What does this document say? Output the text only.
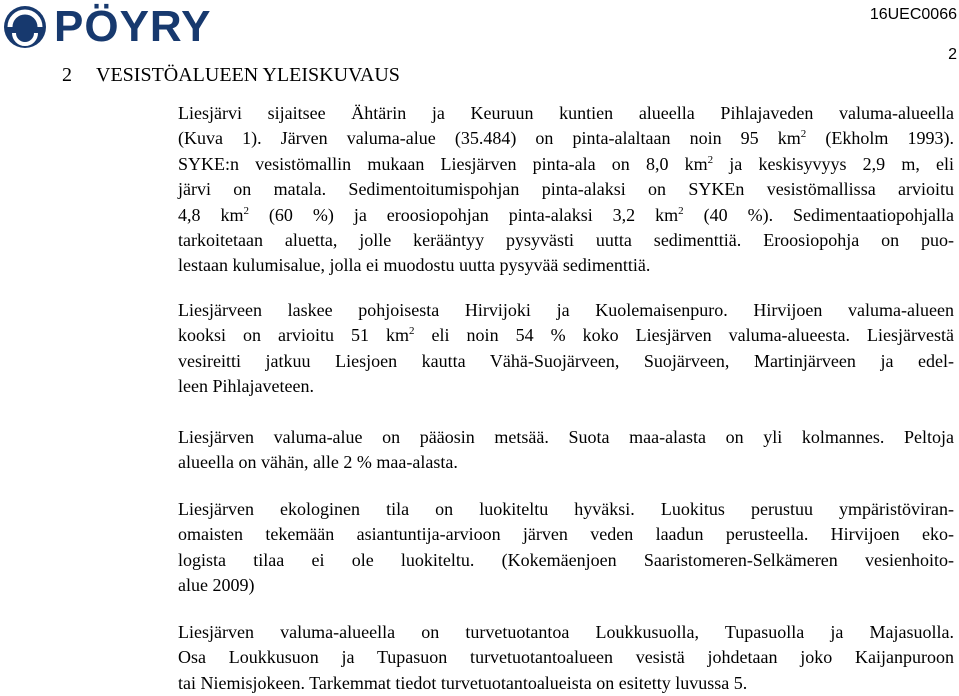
PÖYRY	16UEC0066
2
2	VESISTÖALUEEN YLEISKUVAUS
Liesjärvi sijaitsee Ähtärin ja Keuruun kuntien alueella Pihlajaveden valuma-alueella
(Kuva 1). Järven valuma-alue (35.484) on pinta-alaltaan noin 95 $km^2$ (Ekholm 1993).
SYKE:n vesistömallin mukaan Liesjärven pinta-ala on 8,0 $km^2$ ja keskisyvyys 2,9 m, eli
järvi on matala. Sedimentoitumispohjan pinta-alaksi on SYKEn vesistömallissa arvioitu
4,8 $km^2$ (60 %) ja eroosiopohjan pinta-alaksi 3,2 $km^2$ (40 %). Sedimentaatiopohjalla
tarkoitetaan aluetta, jolle kerääntyy pysyvästi uutta sedimenttiä. Eroosiopohja on puo-
lestaan kulumisalue, jolla ei muodostu uutta pysyvää sedimenttiä.
Liesjärveen laskee pohjoisesta Hirvijoki ja Kuolemaisenpuro. Hirvijoen valuma-alueen
kooksi on arvioitu 51 $km^2$ eli noin 54 % koko Liesjärven valuma-alueesta. Liesjärvestä
vesireitti jatkuu Liesjoen kautta Vähä-Suojärveen, Suojärveen, Martinjärveen ja edel-
leen Pihlajaveteen.
Liesjärven valuma-alue on pääosin metsää. Suota maa-alasta on yli kolmannes. Peltoja
alueella on vähän, alle 2 % maa-alasta.
Liesjärven ekologinen tila on luokiteltu hyväksi. Luokitus perustuu ympäristöviran-
omaisten tekemään asiantuntija-arvioon järven veden laadun perusteella. Hirvijoen eko-
logista tilaa ei ole luokiteltu. (Kokemäenjoen Saaristomeren-Selkämeren vesienhoito-
alue 2009)
Liesjärven valuma-alueella on turvetuotantoa Loukkusuolla, Tupasuolla ja Majasuolla.
Osa Loukkusuon ja Tupasuon turvetuotantoalueen vesistä johdetaan joko Kaijanpuroon
tai Niemisjokeen. Tarkemmat tiedot turvetuotantoalueista on esitetty luvussa 5.
